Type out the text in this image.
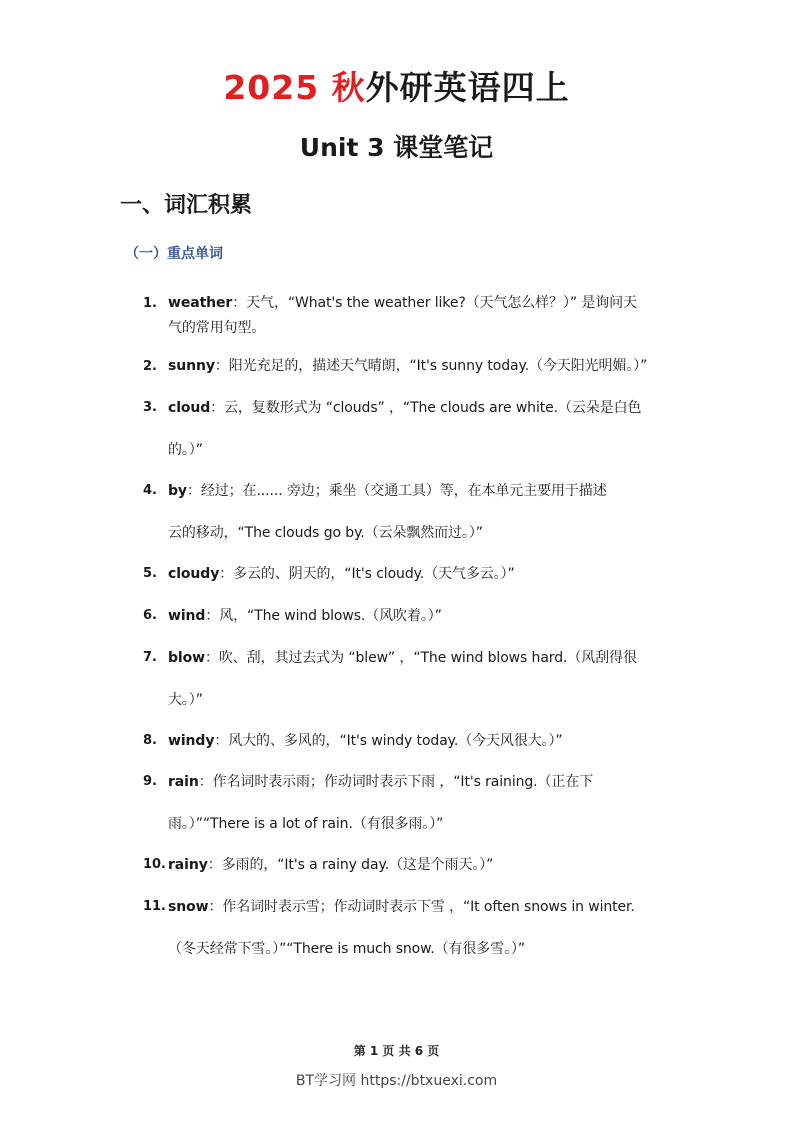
2025 秋外研英语四上
Unit 3 课堂笔记
一、词汇积累
（一）重点单词
1. weather：天气，“What's the weather like?（天气怎么样？）” 是询问天
气的常用句型。
2. sunny：阳光充足的，描述天气晴朗，“It's sunny today.（今天阳光明媚。）”
3. cloud：云，复数形式为 “clouds” ，“The clouds are white.（云朵是白色
的。）”
4. by：经过；在...... 旁边；乘坐（交通工具）等，在本单元主要用于描述
云的移动，“The clouds go by.（云朵飘然而过。）”
5. cloudy：多云的、阴天的，“It's cloudy.（天气多云。）”
6. wind：风，“The wind blows.（风吹着。）”
7. blow：吹、刮，其过去式为 “blew” ，“The wind blows hard.（风刮得很
大。）”
8. windy：风大的、多风的，“It's windy today.（今天风很大。）”
9. rain：作名词时表示雨；作动词时表示下雨 ，“It's raining.（正在下
雨。）”“There is a lot of rain.（有很多雨。）”
10. rainy：多雨的，“It's a rainy day.（这是个雨天。）”
11. snow：作名词时表示雪；作动词时表示下雪 ，“It often snows in winter.
（冬天经常下雪。）”“There is much snow.（有很多雪。）”
第 1 页 共 6 页
BT学习网 https://btxuexi.com
